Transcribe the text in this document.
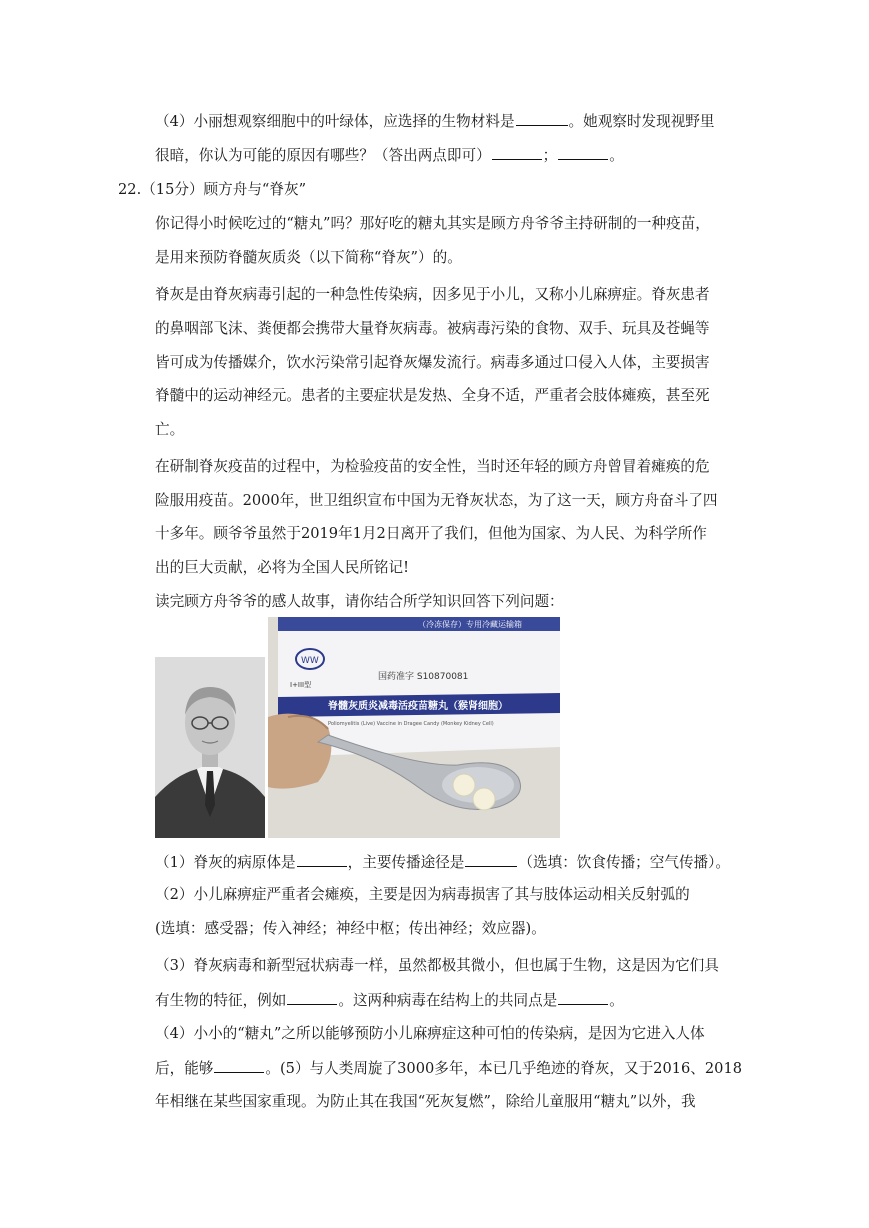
（4）小丽想观察细胞中的叶绿体，应选择的生物材料是	。她观察时发现视野里
很暗，你认为可能的原因有哪些？（答出两点即可）	；	。
22.（15分）顾方舟与“脊灰”
你记得小时候吃过的“糖丸”吗？那好吃的糖丸其实是顾方舟爷爷主持研制的一种疫苗，
是用来预防脊髓灰质炎（以下简称“脊灰”）的。
脊灰是由脊灰病毒引起的一种急性传染病，因多见于小儿，又称小儿麻痹症。脊灰患者
的鼻咽部飞沫、粪便都会携带大量脊灰病毒。被病毒污染的食物、双手、玩具及苍蝇等
皆可成为传播媒介，饮水污染常引起脊灰爆发流行。病毒多通过口侵入人体，主要损害
脊髓中的运动神经元。患者的主要症状是发热、全身不适，严重者会肢体瘫痪，甚至死
亡。
在研制脊灰疫苗的过程中，为检验疫苗的安全性，当时还年轻的顾方舟曾冒着瘫痪的危
险服用疫苗。2000年，世卫组织宣布中国为无脊灰状态，为了这一天，顾方舟奋斗了四
十多年。顾爷爷虽然于2019年1月2日离开了我们，但他为国家、为人民、为科学所作
出的巨大贡献，必将为全国人民所铭记!
读完顾方舟爷爷的感人故事，请你结合所学知识回答下列问题：
（1）脊灰的病原体是	，主要传播途径是	（选填：饮食传播；空气传播）。
（2）小儿麻痹症严重者会瘫痪，主要是因为病毒损害了其与肢体运动相关反射弧的
(选填：感受器；传入神经；神经中枢；传出神经；效应器)。
（3）脊灰病毒和新型冠状病毒一样，虽然都极其微小，但也属于生物，这是因为它们具
有生物的特征，例如	。这两种病毒在结构上的共同点是	。
（4）小小的“糖丸”之所以能够预防小儿麻痹症这种可怕的传染病，是因为它进入人体
后，能够	。(5）与人类周旋了3000多年，本已几乎绝迹的脊灰，又于2016、2018
年相继在某些国家重现。为防止其在我国“死灰复燃”，除给儿童服用“糖丸”以外，我
WW
I+III型
（冷冻保存）专用冷藏运输箱
国药准字 S10870081
脊髓灰质炎减毒活疫苗糖丸（猴肾细胞）
Poliomyelitis (Live) Vaccine in Dragee Candy (Monkey Kidney Cell)
